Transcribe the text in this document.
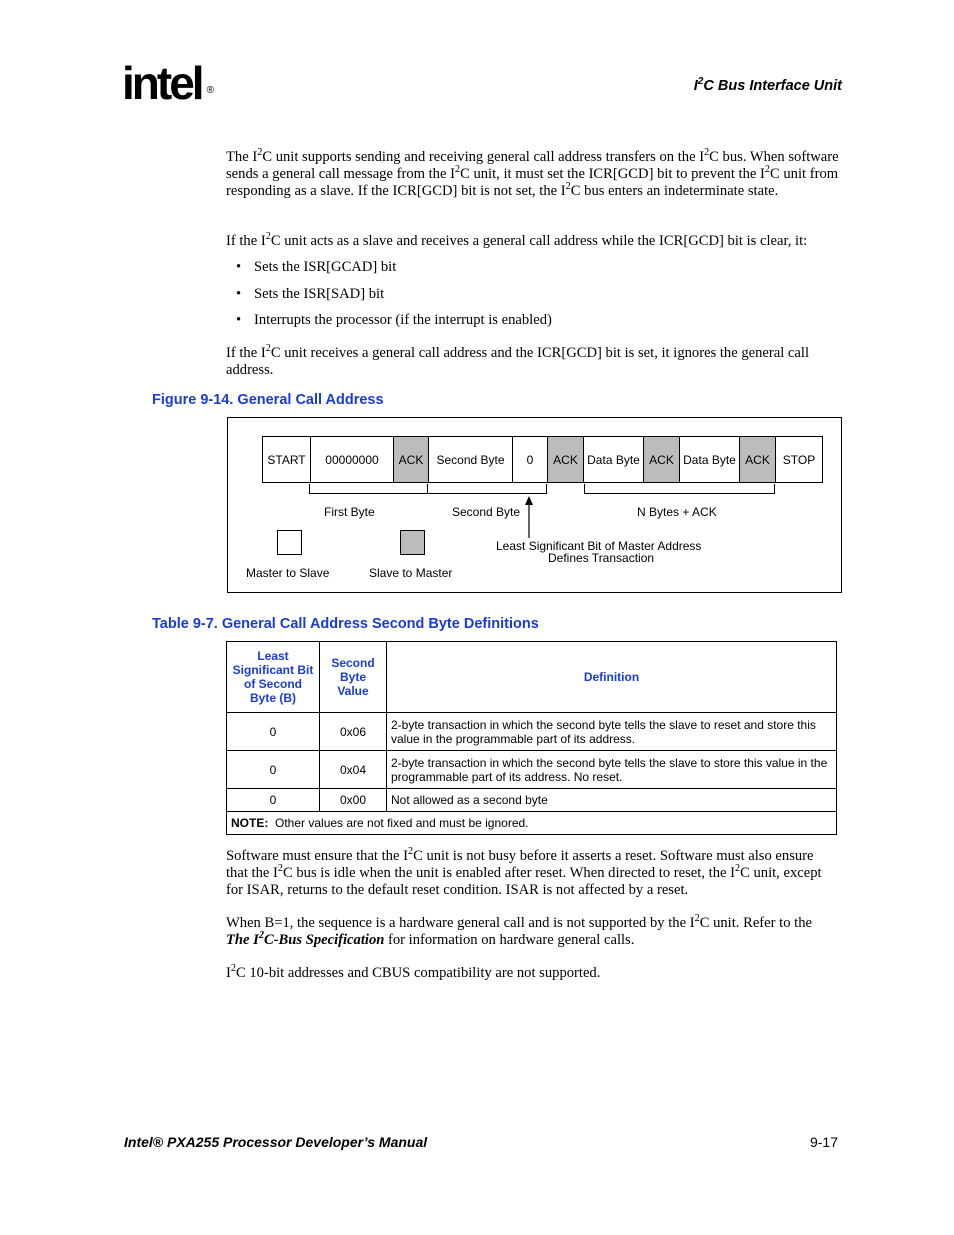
intel ®	$I^2C$ Bus Interface Unit
The $I^2C$ unit supports sending and receiving general call address transfers on the $I^2C$ bus. When software sends a general call message from the $I^2C$ unit, it must set the ICR[GCD] bit to prevent the $I^2C$ unit from responding as a slave. If the ICR[GCD] bit is not set, the $I^2C$ bus enters an indeterminate state.
If the $I^2C$ unit acts as a slave and receives a general call address while the ICR[GCD] bit is clear, it:
• Sets the ISR[GCAD] bit
• Sets the ISR[SAD] bit
• Interrupts the processor (if the interrupt is enabled)
If the $I^2C$ unit receives a general call address and the ICR[GCD] bit is set, it ignores the general call address.
Figure 9-14. General Call Address
START	00000000	ACK	Second Byte	0	ACK Data Byte ACK Data Byte ACK	STOP
First Byte	Second Byte	N Bytes + ACK
Least Significant Bit of Master Address
Defines Transaction
Master to Slave	Slave to Master
Table 9-7. General Call Address Second Byte Definitions
Least Significant Bit of Second Byte (B)	Second Byte Value	Definition
0	0x06	2-byte transaction in which the second byte tells the slave to reset and store this value in the programmable part of its address.
0	0x04	2-byte transaction in which the second byte tells the slave to store this value in the programmable part of its address. No reset.
0	0x00	Not allowed as a second byte
NOTE: Other values are not fixed and must be ignored.		
Software must ensure that the $I^2C$ unit is not busy before it asserts a reset. Software must also ensure that the $I^2C$ bus is idle when the unit is enabled after reset. When directed to reset, the $I^2C$ unit, except for ISAR, returns to the default reset condition. ISAR is not affected by a reset.
When B=1, the sequence is a hardware general call and is not supported by the $I^2C$ unit. Refer to the The $I^2C$-Bus Specification for information on hardware general calls.
$I^2C$ 10-bit addresses and CBUS compatibility are not supported.
Intel® PXA255 Processor Developer’s Manual	9-17
